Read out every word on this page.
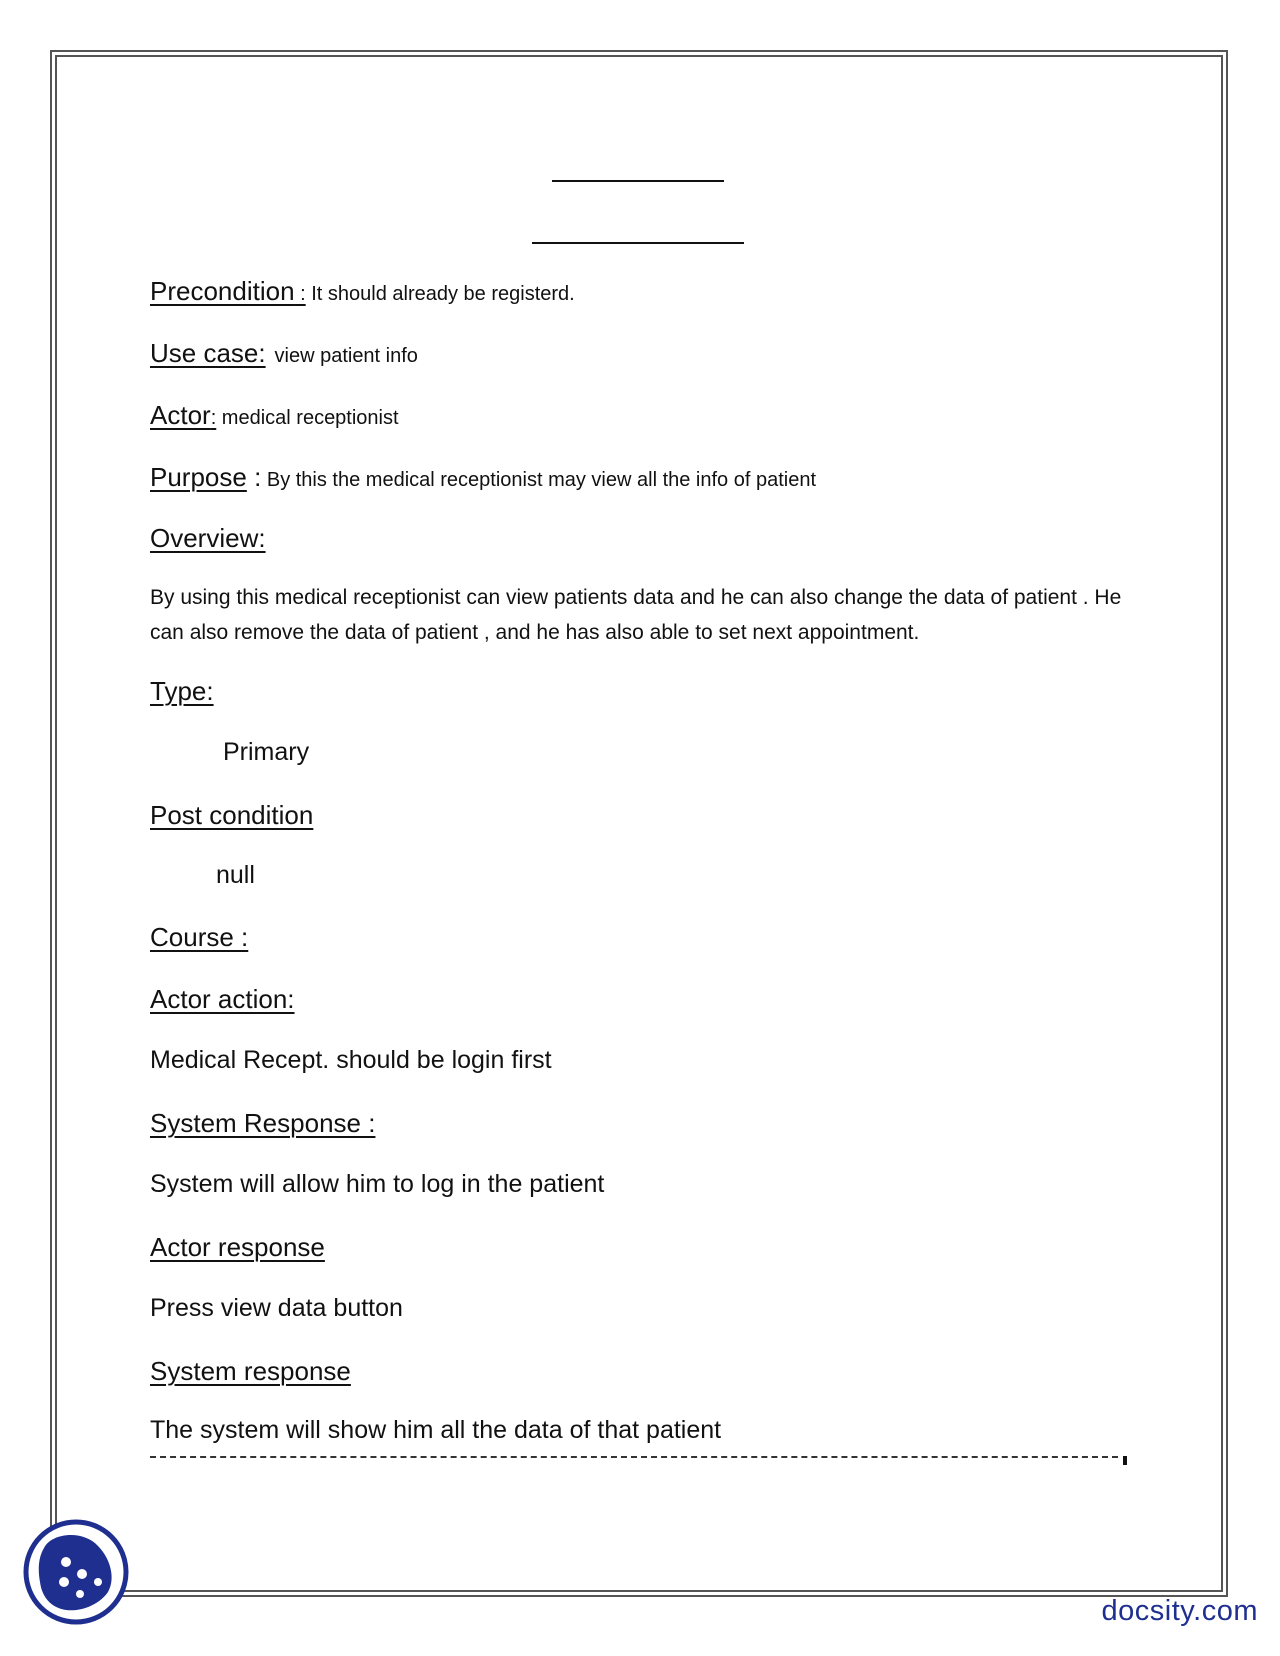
Precondition : It should already be registerd.
Use case: view patient info
Actor: medical receptionist
Purpose : By this the medical receptionist may view all the info of patient
Overview:
By using this medical receptionist can view patients data and he can also change the data of patient . He can also remove the data of patient , and he has also able to set next appointment.
Type:
Primary
Post condition
null
Course :
Actor action:
Medical Recept. should be login first
System Response :
System will allow him to log in the patient
Actor response
Press view data button
System response
The system will show him all the data of that patient
docsity.com
